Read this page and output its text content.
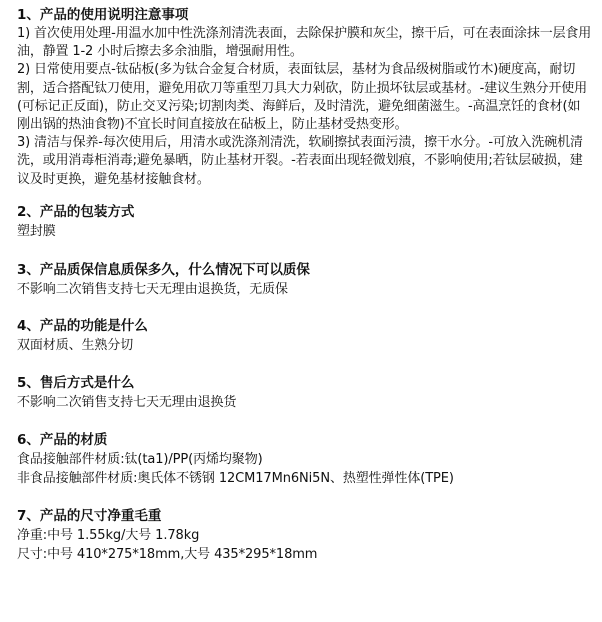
1、产品的使用说明注意事项
1) 首次使用处理-用温水加中性洗涤剂清洗表面，去除保护膜和灰尘，擦干后，可在表面涂抹一层食用油，静置 1-2 小时后擦去多余油脂，增强耐用性。
2) 日常使用要点-钛砧板(多为钛合金复合材质，表面钛层，基材为食品级树脂或竹木)硬度高，耐切割，适合搭配钛刀使用，避免用砍刀等重型刀具大力剁砍，防止损坏钛层或基材。-建议生熟分开使用(可标记正反面)，防止交叉污染;切割肉类、海鲜后，及时清洗，避免细菌滋生。-高温烹饪的食材(如刚出锅的热油食物)不宜长时间直接放在砧板上，防止基材受热变形。
3) 清洁与保养-每次使用后，用清水或洗涤剂清洗，软刷擦拭表面污渍，擦干水分。-可放入洗碗机清洗，或用消毒柜消毒;避免暴晒，防止基材开裂。-若表面出现轻微划痕，不影响使用;若钛层破损，建议及时更换，避免基材接触食材。
2、产品的包装方式
塑封膜
3、产品质保信息质保多久，什么情况下可以质保
不影响二次销售支持七天无理由退换货，无质保
4、产品的功能是什么
双面材质、生熟分切
5、售后方式是什么
不影响二次销售支持七天无理由退换货
6、产品的材质
食品接触部件材质:钛(ta1)/PP(丙烯均聚物)
非食品接触部件材质:奥氏体不锈钢 12CM17Mn6Ni5N、热塑性弹性体(TPE)
7、产品的尺寸净重毛重
净重:中号 1.55kg/大号 1.78kg
尺寸:中号 410*275*18mm,大号 435*295*18mm
